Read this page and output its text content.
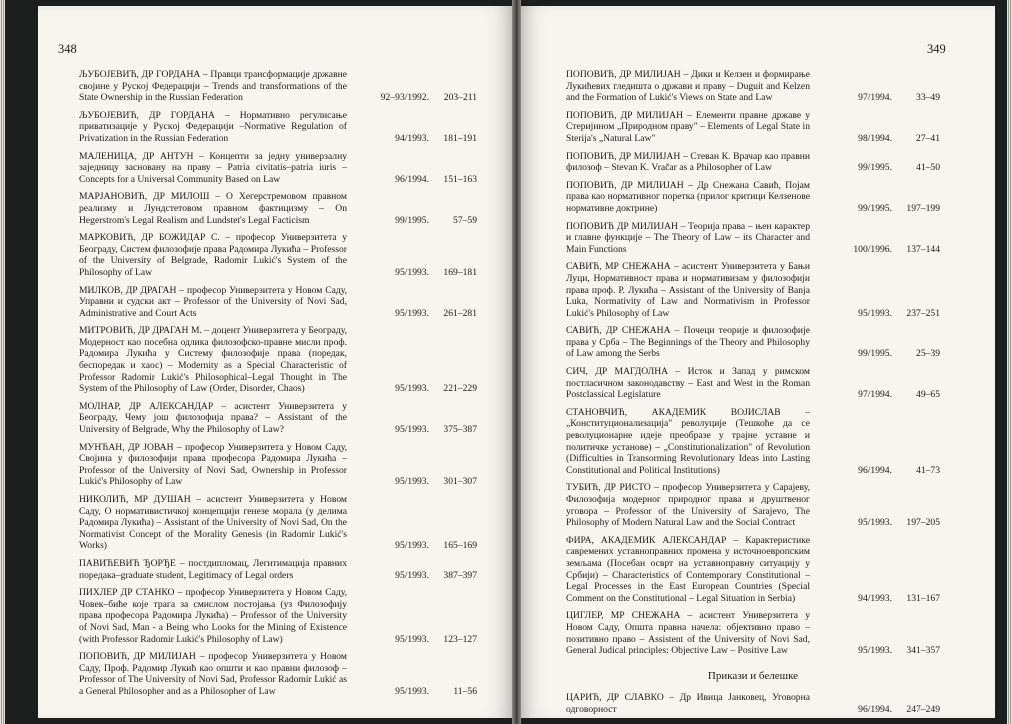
348	349
ЉУБОЈЕВИЋ, ДР ГОРДАНА – Правци трансформације државне својине у Рускoj Федерацији – Trends and transformations of the State Ownership in the Russian Federation	92–93/1992. 203–211
ЉУБОЈЕВИЋ, ДР ГОРДАНА – Нормативно регулисање приватизације у Рускoj Федерацији –Normative Regulation of Privatization in the Russian Federation	94/1993. 181–191
МАЛЕНИЦА, ДР АНТУН – Концепти за једну универзалну заједницу засновану на праву – Patria civitatis–patria iuris – Concepts for a Universal Community Based on Law	96/1994. 151–163
МАРЈАНОВИЋ, ДР МИЛОШ – О Хегерстремовом правном реализму и Лундстетовом правном фактицизму – On Hegerstrom's Legal Realism and Lundstet's Legal Facticism	99/1995.	57–59
МАРКОВИЋ, ДР БОЖИДАР С. – професор Универзитета у Београду, Систем филозофије права Радомира Лукића – Professor of the University of Belgrade, Radomir Lukić's System of the Philosophy of Law	95/1993. 169–181
МИЛКОВ, ДР ДРАГАН – професор Универзитета у Новом Саду, Управни и судски акт – Professor of the University of Novi Sad, Administrative and Court Acts	95/1993. 261–281
МИТРОВИЋ, ДР ДРАГАН М. – доцент Универзитета у Београду, Модерност као посебна одлика филозофско-правне мисли проф. Радомира Лукића у Систему филозофије права (поредак, беспоредак и хаос) – Modernity as a Special Characteristic of Professor Radomir Lukić's Philosophical–Legal Thought in The System of the Philosophy of Law (Order, Disorder, Chaos)	95/1993. 221–229
МОЛНАР, ДР АЛЕКСАНДАР – асистент Универзитета у Београду, Чему још филозофија права? – Assistant of the University of Belgrade, Why the Philosophy of Law?	95/1993. 375–387
МУНЋАН, ДР ЈОВАН – професор Универзитета у Новом Саду, Својина у филозофији права професора Радомира Лукића – Professor of the University of Novi Sad, Ownership in Professor Lukić's Philosophy of Law	95/1993. 301–307
НИКОЛИЋ, МР ДУШАН – асистент Универзитета у Новом Саду, О нормативистичкој концепцији генезе морала (у делима Радомира Лукића) – Assistant of the University of Novi Sad, On the Normativist Concept of the Morality Genesis (in Radomir Lukić's Works)	95/1993. 165–169
ПАВИЋЕВИЋ ЂОРЂЕ – постдипломац, Легитимација правних поредака–graduate student, Legitimacy of Legal orders	95/1993. 387–397
ПИХЛЕР ДР СТАНКО – професор Универзитета у Новом Саду, Човек–биће које трага за смислом постојања (уз Филозофију права професора Радомира Лукића) – Professor of the University of Novi Sad, Man - a Being who Looks for the Mining of Existence (with Professor Radomir Lukić's Philosophy of Law)	95/1993. 123–127
ПОПОВИЋ, ДР МИЛИЈАН – професор Универзитета у Новом Саду, Проф. Радомир Лукић као општи и као правни филозоф – Professor of The University of Novi Sad, Professor Radomir Lukić as a General Philosopher and as a Philosopher of Law	95/1993.	11–56
ПОПОВИЋ, ДР МИЛИЈАН – Дики и Келзен и формирање Лукићевих гледишта о држави и праву – Duguit and Kelzen and the Formation of Lukić's Views on State and Law	97/1994.	33–49
ПОПОВИЋ, ДР МИЛИЈАН – Елементи правне државе у Стеријином „Природном праву" – Elements of Legal State in Sterija's „Natural Law"	98/1994.	27–41
ПОПОВИЋ, ДР МИЛИЈАН – Стеван К. Врачар као правни филозоф – Stevan K. Vračar as a Philosopher of Law	99/1995.	41–50
ПОПОВИЋ, ДР МИЛИЈАН – Др Снежана Савић, Појам права као нормативног поретка (прилог критици Келзенове нормативне доктрине)	99/1995. 197–199
ПОПОВИЋ ДР МИЛИЈАН – Теорија права – њен карактер и главне функције – The Theory of Law – its Character and Main Functions	100/1996. 137–144
САВИЋ, МР СНЕЖАНА – асистент Универзитета у Бањи Луци, Нормативност права и нормативизам у филозофији права проф. Р. Лукића – Assistant of the University of Banja Luka, Normativity of Law and Normativism in Professor Lukić's Philosophy of Law	95/1993. 237–251
САВИЋ, ДР СНЕЖАНА – Почеци теорије и филозофије права у Срба – The Beginnings of the Theory and Philosophy of Law among the Serbs	99/1995.	25–39
СИЧ, ДР МАГДОЛНА – Исток и Запад у римском постласичном законодавству – East and West in the Roman Postclassical Legislature	97/1994.	49–65
СТАНОВЧИЋ, АКАДЕМИК ВОЈИСЛАВ – „Конституционализација" револуције (Тешкоће да се револуционарне идеје преобразе у трајне уставне и политичке установе) – „Constitutionalization" of Revolution (Difficulties in Transorming Revolutionary Ideas into Lasting Constitutional and Political Institutions)	96/1994.	41–73
ТУБИЋ, ДР РИСТО – професор Универзитета у Сарајеву, Филозофија модерног природног права и друштвеног уговора – Professor of the University of Sarajevo, The Philosophy of Modern Natural Law and the Social Contract	95/1993. 197–205
ФИРА, АКАДЕМИК АЛЕКСАНДАР – Карактеристике савремених уставноправних промена у источноевропским земљама (Посебан осврт на уставноправну ситуацију у Србији) – Characteristics of Contemporary Constitutional – Legal Processes in the East European Countries (Special Comment on the Constitutional – Legal Situation in Serbia)	94/1993. 131–167
ЦИГЛЕР, МР СНЕЖАНА – асистент Универзитета у Новом Саду, Општа правна начела: објективно право – позитивно право – Assistent of the University of Novi Sad, General Judical principles: Objective Law – Positive Law	95/1993. 341–357
Прикази и белешке
ЦАРИЋ, ДР СЛАВКО – Др Ивица Јанковец, Уговорна одговорност	96/1994. 247–249
